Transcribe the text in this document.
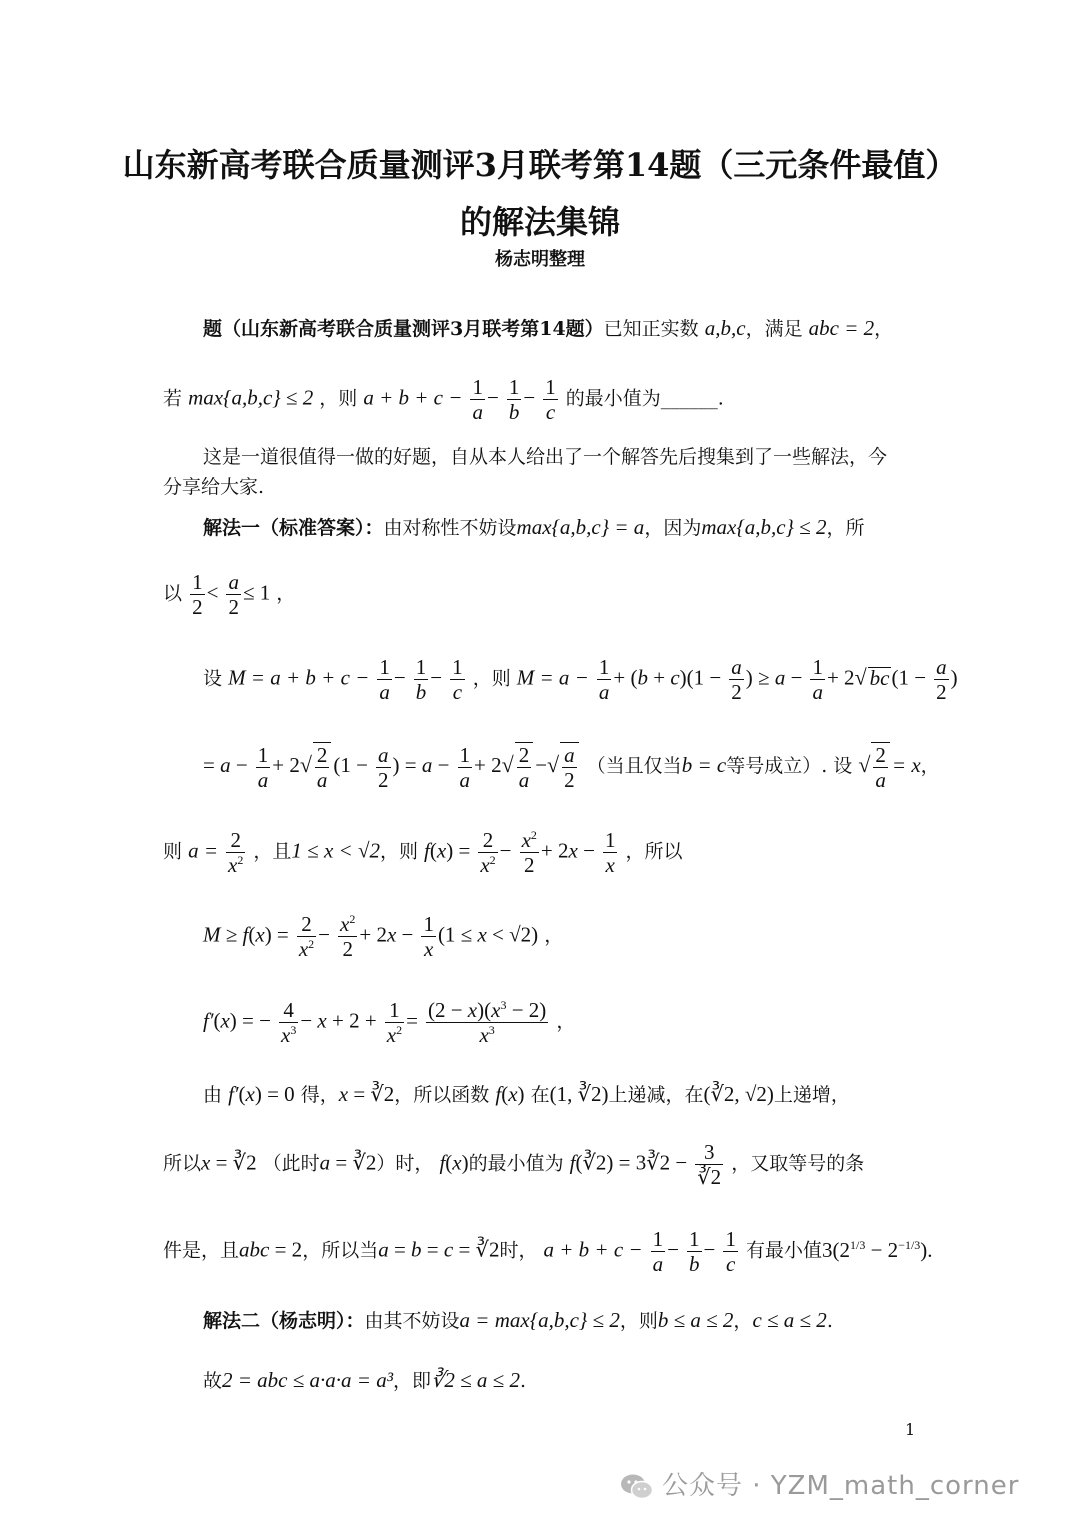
山东新高考联合质量测评3月联考第14题（三元条件最值）
的解法集锦
杨志明整理
题（山东新高考联合质量测评3月联考第14题）已知正实数 a,b,c，满足 abc = 2，
若 max{a,b,c} ≤ 2 ，则 $a + b + c - \frac{1}{a} - \frac{1}{b} - \frac{1}{c}$ 的最小值为______.
这是一道很值得一做的好题，自从本人给出了一个解答先后搜集到了一些解法，今
分享给大家.
解法一（标准答案）：由对称性不妨设max{a,b,c} = a，因为max{a,b,c} ≤ 2，所
以 $\frac{1}{2} < \frac{a}{2} \le 1$ ，
设 $M = a + b + c - \frac{1}{a} - \frac{1}{b} - \frac{1}{c}$ ，则 $M = a - \frac{1}{a} + (b + c)(1 - \frac{a}{2}$ ) ≥ $a - \frac{1}{a} + 2√$ $bc(1 - \frac{a}{2}$ )
= $a - \frac{1}{a} + 2√ \frac{2}{a} (1 - \frac{a}{2}$ ) = $a - \frac{1}{a} + 2√ \frac{2}{a}$ −√ $\frac{a}{2}$ （当且仅当b = c等号成立）. 设 √ $\frac{2}{a} = x$，
则 $a = \frac{2}{x^2}$ ，且1 ≤ x < √2，则 $f(x) = \frac{2}{x^2} - \frac{x^2}{2} + 2x - \frac{1}{x}$ ，所以
$M \ge f(x) = \frac{2}{x^2} - \frac{x^2}{2} + 2x - \frac{1}{x} (1 \le x < √2)$ ，
f′(x) = − $\frac{4}{x^3} - x + 2 + \frac{1}{x^2} = \frac{(2 - x)(x^3 - 2)}{x^3}$ ，
由 f′(x) = 0 得，x = ∛2，所以函数 f(x) 在(1, ∛2)上递减，在(∛2, √2)上递增，
所以x = ∛2 （此时a = ∛2）时， f(x)的最小值为 f(∛2) = 3∛2 − $\frac{3}{∛2}$ ，又取等号的条
件是，且abc = 2，所以当a = b = c = ∛2时， $a + b + c - \frac{1}{a} - \frac{1}{b} - \frac{1}{c}$ 有最小值$3(2^{1/3} - 2^{-1/3})$.
解法二（杨志明）：由其不妨设a = max{a,b,c} ≤ 2，则b ≤ a ≤ 2，c ≤ a ≤ 2.
故2 = abc ≤ a·a·a = a³，即∛2 ≤ a ≤ 2.
1
公众号 · YZM_math_corner
